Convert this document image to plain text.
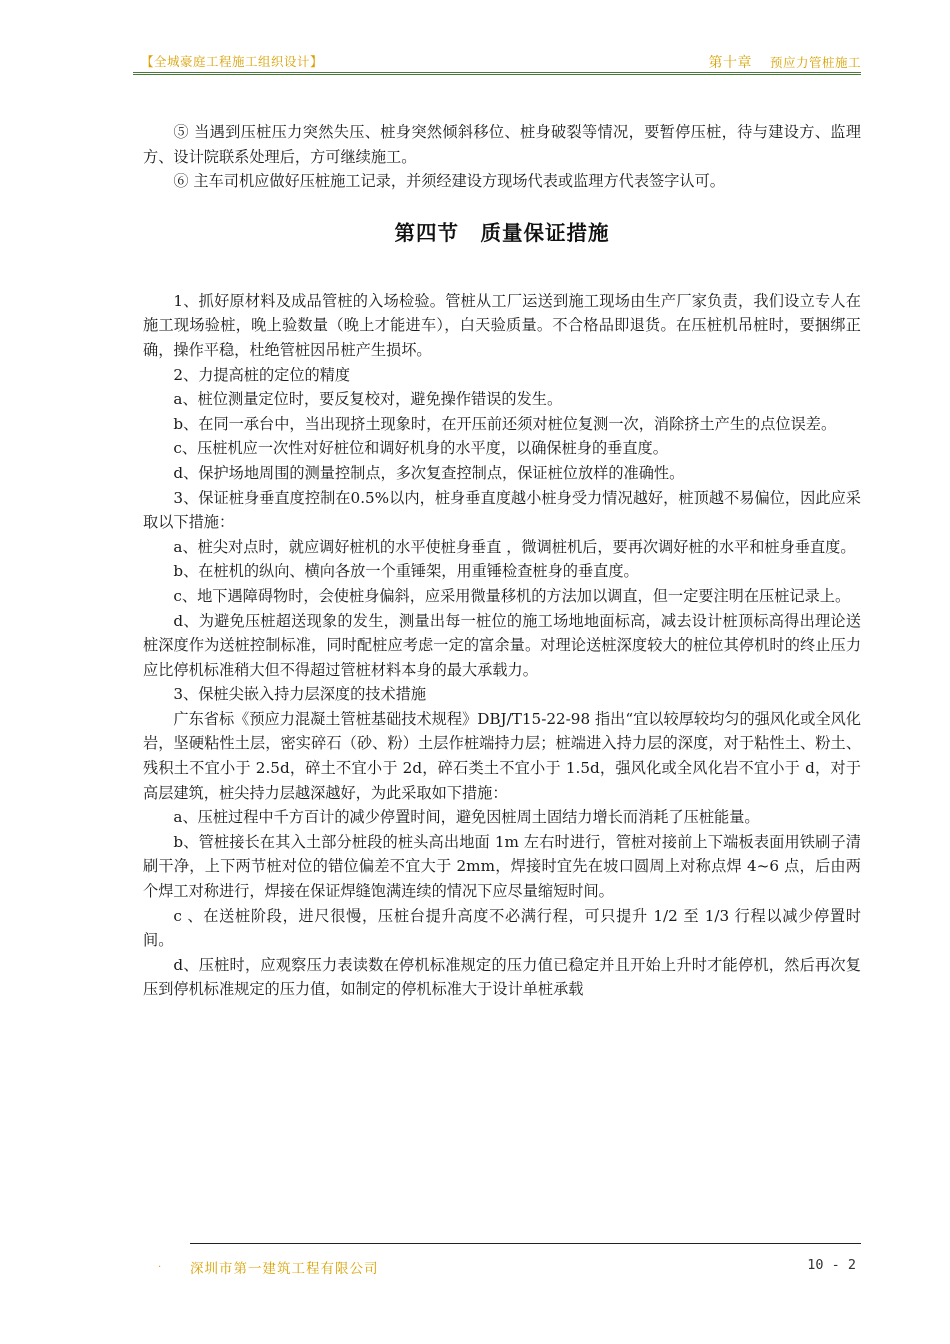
【全城豪庭工程施工组织设计】	第十章 预应力管桩施工

⑤ 当遇到压桩压力突然失压、桩身突然倾斜移位、桩身破裂等情况，要暂停压桩，待与建设方、监理方、设计院联系处理后，方可继续施工。

⑥ 主车司机应做好压桩施工记录，并须经建设方现场代表或监理方代表签字认可。

第四节　质量保证措施

1、抓好原材料及成品管桩的入场检验。管桩从工厂运送到施工现场由生产厂家负责，我们设立专人在施工现场验桩，晚上验数量（晚上才能进车），白天验质量。不合格品即退货。在压桩机吊桩时，要捆绑正确，操作平稳，杜绝管桩因吊桩产生损坏。

2、力提高桩的定位的精度

a、桩位测量定位时，要反复校对，避免操作错误的发生。

b、在同一承台中，当出现挤土现象时，在开压前还须对桩位复测一次，消除挤土产生的点位误差。

c、压桩机应一次性对好桩位和调好机身的水平度，以确保桩身的垂直度。

d、保护场地周围的测量控制点，多次复查控制点，保证桩位放样的准确性。

3、保证桩身垂直度控制在0.5%以内，桩身垂直度越小桩身受力情况越好，桩顶越不易偏位，因此应采取以下措施：

a、桩尖对点时，就应调好桩机的水平使桩身垂直 ，微调桩机后，要再次调好桩的水平和桩身垂直度。

b、在桩机的纵向、横向各放一个重锤架，用重锤检查桩身的垂直度。

c、地下遇障碍物时，会使桩身偏斜，应采用微量移机的方法加以调直，但一定要注明在压桩记录上。

d、为避免压桩超送现象的发生，测量出每一桩位的施工场地地面标高，减去设计桩顶标高得出理论送桩深度作为送桩控制标准，同时配桩应考虑一定的富余量。对理论送桩深度较大的桩位其停机时的终止压力应比停机标准稍大但不得超过管桩材料本身的最大承载力。

3、保桩尖嵌入持力层深度的技术措施

广东省标《预应力混凝土管桩基础技术规程》DBJ/T15-22-98 指出“宜以较厚较均匀的强风化或全风化岩，坚硬粘性土层，密实碎石（砂、粉）土层作桩端持力层；桩端进入持力层的深度，对于粘性土、粉土、残积土不宜小于 2.5d，碎土不宜小于 2d，碎石类土不宜小于 1.5d，强风化或全风化岩不宜小于 d，对于高层建筑，桩尖持力层越深越好，为此采取如下措施：

a、压桩过程中千方百计的减少停置时间，避免因桩周土固结力增长而消耗了压桩能量。

b、管桩接长在其入土部分桩段的桩头高出地面 1m 左右时进行，管桩对接前上下端板表面用铁刷子清刷干净，上下两节桩对位的错位偏差不宜大于 2mm，焊接时宜先在坡口圆周上对称点焊 4~6 点，后由两个焊工对称进行，焊接在保证焊缝饱满连续的情况下应尽量缩短时间。

c 、在送桩阶段，进尺很慢，压桩台提升高度不必满行程，可只提升 1/2 至 1/3 行程以减少停置时间。

d、压桩时，应观察压力表读数在停机标准规定的压力值已稳定并且开始上升时才能停机，然后再次复压到停机标准规定的压力值，如制定的停机标准大于设计单桩承载

· 深圳市第一建筑工程有限公司	10 - 2
